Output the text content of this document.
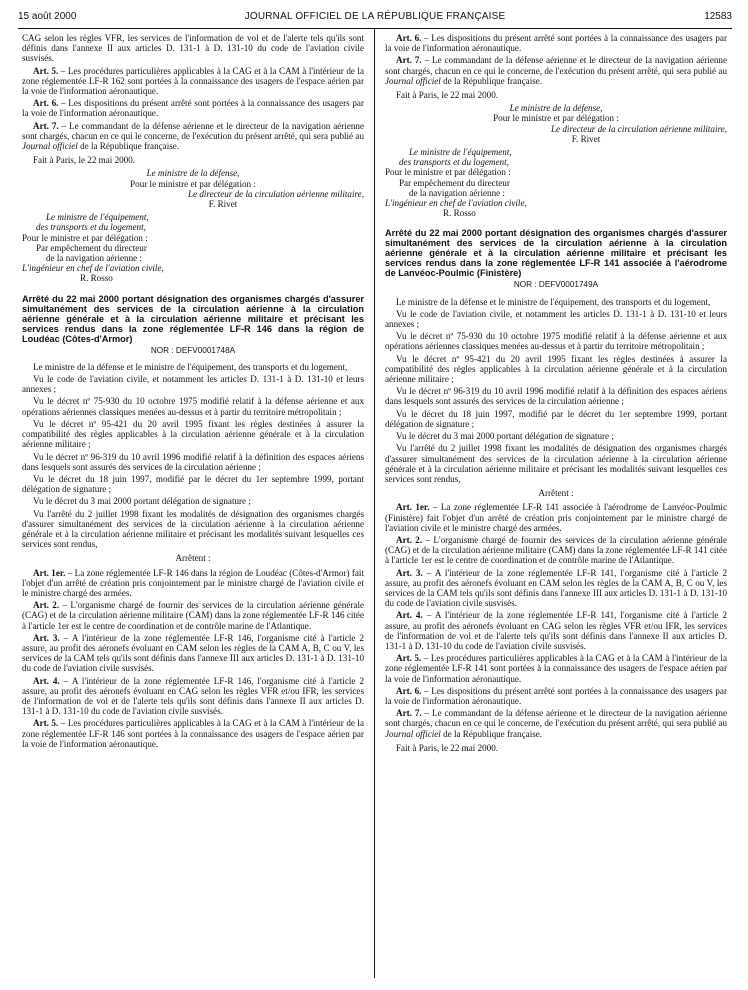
15 août 2000	JOURNAL OFFICIEL DE LA RÉPUBLIQUE FRANÇAISE	12583

CAG selon les règles VFR, les services de l'information de vol et de l'alerte tels qu'ils sont définis dans l'annexe II aux articles D. 131-1 à D. 131-10 du code de l'aviation civile susvisés.

Art. 5. – Les procédures particulières applicables à la CAG et à la CAM à l'intérieur de la zone réglementée LF-R 162 sont portées à la connaissance des usagers de l'espace aérien par la voie de l'information aéronautique.

Art. 6. – Les dispositions du présent arrêté sont portées à la connaissance des usagers par la voie de l'information aéronautique.

Art. 7. – Le commandant de la défense aérienne et le directeur de la navigation aérienne sont chargés, chacun en ce qui le concerne, de l'exécution du présent arrêté, qui sera publié au Journal officiel de la République française.

Fait à Paris, le 22 mai 2000.

Le ministre de la défense,
Pour le ministre et par délégation :
Le directeur de la circulation aérienne militaire,
F. Rivet
Le ministre de l'équipement,
des transports et du logement,
Pour le ministre et par délégation :
Par empêchement du directeur
de la navigation aérienne :
L'ingénieur en chef de l'aviation civile,
R. Rosso

Arrêté du 22 mai 2000 portant désignation des organismes chargés d'assurer simultanément des services de la circulation aérienne à la circulation aérienne générale et à la circulation aérienne militaire et précisant les services rendus dans la zone réglementée LF-R 146 dans la région de Loudéac (Côtes-d'Armor)

NOR : DEFV0001748A

Le ministre de la défense et le ministre de l'équipement, des transports et du logement,

Vu le code de l'aviation civile, et notamment les articles D. 131-1 à D. 131-10 et leurs annexes ;

Vu le décret nº 75-930 du 10 octobre 1975 modifié relatif à la défense aérienne et aux opérations aériennes classiques menées au-dessus et à partir du territoire métropolitain ;

Vu le décret nº 95-421 du 20 avril 1995 fixant les règles destinées à assurer la compatibilité des règles applicables à la circulation aérienne générale et à la circulation aérienne militaire ;

Vu le décret nº 96-319 du 10 avril 1996 modifié relatif à la définition des espaces aériens dans lesquels sont assurés des services de la circulation aérienne ;

Vu le décret du 18 juin 1997, modifié par le décret du 1er septembre 1999, portant délégation de signature ;

Vu le décret du 3 mai 2000 portant délégation de signature ;

Vu l'arrêté du 2 juillet 1998 fixant les modalités de désignation des organismes chargés d'assurer simultanément des services de la circulation aérienne à la circulation aérienne générale et à la circulation aérienne militaire et précisant les modalités suivant lesquelles ces services sont rendus,

Arrêtent :

Art. 1er. – La zone réglementée LF-R 146 dans la région de Loudéac (Côtes-d'Armor) fait l'objet d'un arrêté de création pris conjointement par le ministre chargé de l'aviation civile et le ministre chargé des armées.

Art. 2. – L'organisme chargé de fournir des services de la circulation aérienne générale (CAG) et de la circulation aérienne militaire (CAM) dans la zone réglementée LF-R 146 citée à l'article 1er est le centre de coordination et de contrôle marine de l'Atlantique.

Art. 3. – A l'intérieur de la zone réglementée LF-R 146, l'organisme cité à l'article 2 assure, au profit des aéronefs évoluant en CAM selon les règles de la CAM A, B, C ou V, les services de la CAM tels qu'ils sont définis dans l'annexe III aux articles D. 131-1 à D. 131-10 du code de l'aviation civile susvisés.

Art. 4. – A l'intérieur de la zone réglementée LF-R 146, l'organisme cité à l'article 2 assure, au profit des aéronefs évoluant en CAG selon les règles VFR et/ou IFR, les services de l'information de vol et de l'alerte tels qu'ils sont définis dans l'annexe II aux articles D. 131-1 à D. 131-10 du code de l'aviation civile susvisés.

Art. 5. – Les procédures particulières applicables à la CAG et à la CAM à l'intérieur de la zone réglementée LF-R 146 sont portées à la connaissance des usagers de l'espace aérien par la voie de l'information aéronautique.

Art. 6. – Les dispositions du présent arrêté sont portées à la connaissance des usagers par la voie de l'information aéronautique.

Art. 7. – Le commandant de la défense aérienne et le directeur de la navigation aérienne sont chargés, chacun en ce qui le concerne, de l'exécution du présent arrêté, qui sera publié au Journal officiel de la République française.

Fait à Paris, le 22 mai 2000.

Le ministre de la défense,
Pour le ministre et par délégation :
Le directeur de la circulation aérienne militaire,
F. Rivet
Le ministre de l'équipement,
des transports et du logement,
Pour le ministre et par délégation :
Par empêchement du directeur
de la navigation aérienne :
L'ingénieur en chef de l'aviation civile,
R. Rosso

Arrêté du 22 mai 2000 portant désignation des organismes chargés d'assurer simultanément des services de la circulation aérienne à la circulation aérienne générale et à la circulation aérienne militaire et précisant les services rendus dans la zone réglementée LF-R 141 associée à l'aérodrome de Lanvéoc-Poulmic (Finistère)

NOR : DEFV0001749A

Le ministre de la défense et le ministre de l'équipement, des transports et du logement,

Vu le code de l'aviation civile, et notamment les articles D. 131-1 à D. 131-10 et leurs annexes ;

Vu le décret nº 75-930 du 10 octobre 1975 modifié relatif à la défense aérienne et aux opérations aériennes classiques menées au-dessus et à partir du territoire métropolitain ;

Vu le décret nº 95-421 du 20 avril 1995 fixant les règles destinées à assurer la compatibilité des règles applicables à la circulation aérienne générale et à la circulation aérienne militaire ;

Vu le décret nº 96-319 du 10 avril 1996 modifié relatif à la définition des espaces aériens dans lesquels sont assurés des services de la circulation aérienne ;

Vu le décret du 18 juin 1997, modifié par le décret du 1er septembre 1999, portant délégation de signature ;

Vu le décret du 3 mai 2000 portant délégation de signature ;

Vu l'arrêté du 2 juillet 1998 fixant les modalités de désignation des organismes chargés d'assurer simultanément des services de la circulation aérienne à la circulation aérienne générale et à la circulation aérienne militaire et précisant les modalités suivant lesquelles ces services sont rendus,

Arrêtent :

Art. 1er. – La zone réglementée LF-R 141 associée à l'aérodrome de Lanvéoc-Poulmic (Finistère) fait l'objet d'un arrêté de création pris conjointement par le ministre chargé de l'aviation civile et le ministre chargé des armées.

Art. 2. – L'organisme chargé de fournir des services de la circulation aérienne générale (CAG) et de la circulation aérienne militaire (CAM) dans la zone réglementée LF-R 141 citée à l'article 1er est le centre de coordination et de contrôle marine de l'Atlantique.

Art. 3. – A l'intérieur de la zone réglementée LF-R 141, l'organisme cité à l'article 2 assure, au profit des aéronefs évoluant en CAM selon les règles de la CAM A, B, C ou V, les services de la CAM tels qu'ils sont définis dans l'annexe III aux articles D. 131-1 à D. 131-10 du code de l'aviation civile susvisés.

Art. 4. – A l'intérieur de la zone réglementée LF-R 141, l'organisme cité à l'article 2 assure, au profit des aéronefs évoluant en CAG selon les règles VFR et/ou IFR, les services de l'information de vol et de l'alerte tels qu'ils sont définis dans l'annexe II aux articles D. 131-1 à D. 131-10 du code de l'aviation civile susvisés.

Art. 5. – Les procédures particulières applicables à la CAG et à la CAM à l'intérieur de la zone réglementée LF-R 141 sont portées à la connaissance des usagers de l'espace aérien par la voie de l'information aéronautique.

Art. 6. – Les dispositions du présent arrêté sont portées à la connaissance des usagers par la voie de l'information aéronautique.

Art. 7. – Le commandant de la défense aérienne et le directeur de la navigation aérienne sont chargés, chacun en ce qui le concerne, de l'exécution du présent arrêté, qui sera publié au Journal officiel de la République française.

Fait à Paris, le 22 mai 2000.
